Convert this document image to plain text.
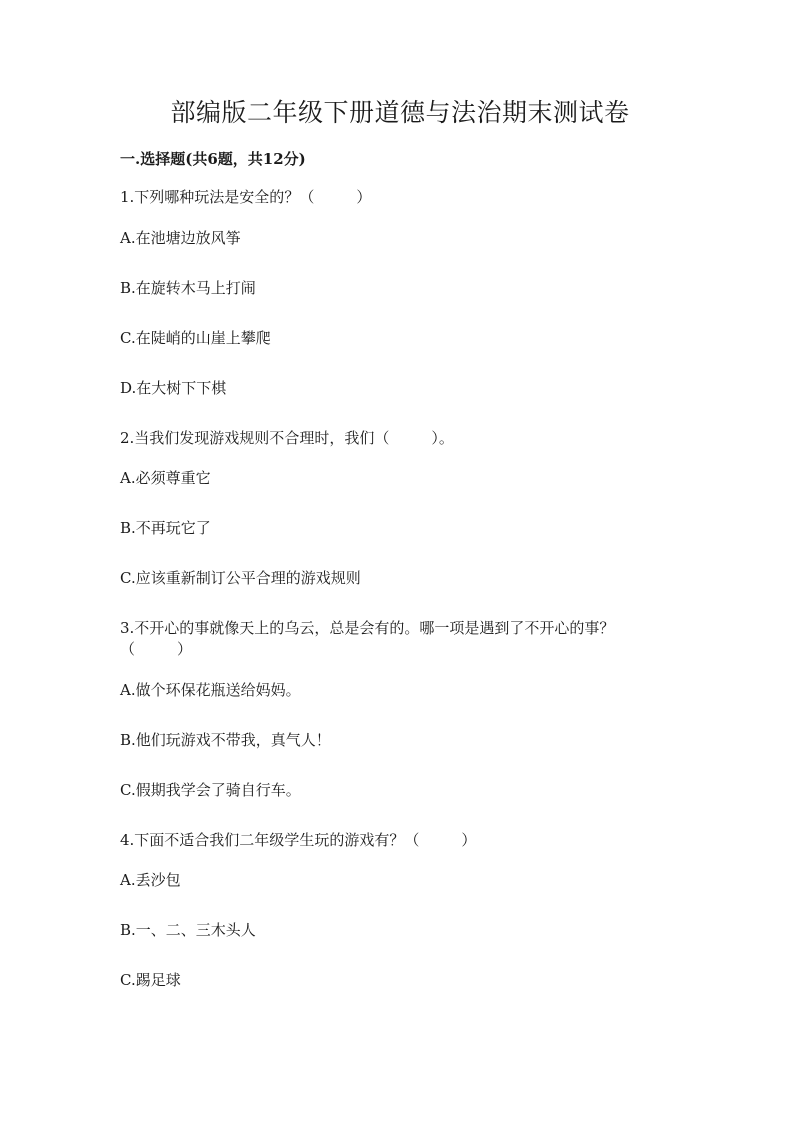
部编版二年级下册道德与法治期末测试卷
一.选择题(共6题，共12分)
1.下列哪种玩法是安全的？（	）
A.在池塘边放风筝
B.在旋转木马上打闹
C.在陡峭的山崖上攀爬
D.在大树下下棋
2.当我们发现游戏规则不合理时，我们（	）。
A.必须尊重它
B.不再玩它了
C.应该重新制订公平合理的游戏规则
3.不开心的事就像天上的乌云，总是会有的。哪一项是遇到了不开心的事？
（	）
A.做个环保花瓶送给妈妈。
B.他们玩游戏不带我，真气人！
C.假期我学会了骑自行车。
4.下面不适合我们二年级学生玩的游戏有？（	）
A.丢沙包
B.一、二、三木头人
C.踢足球
